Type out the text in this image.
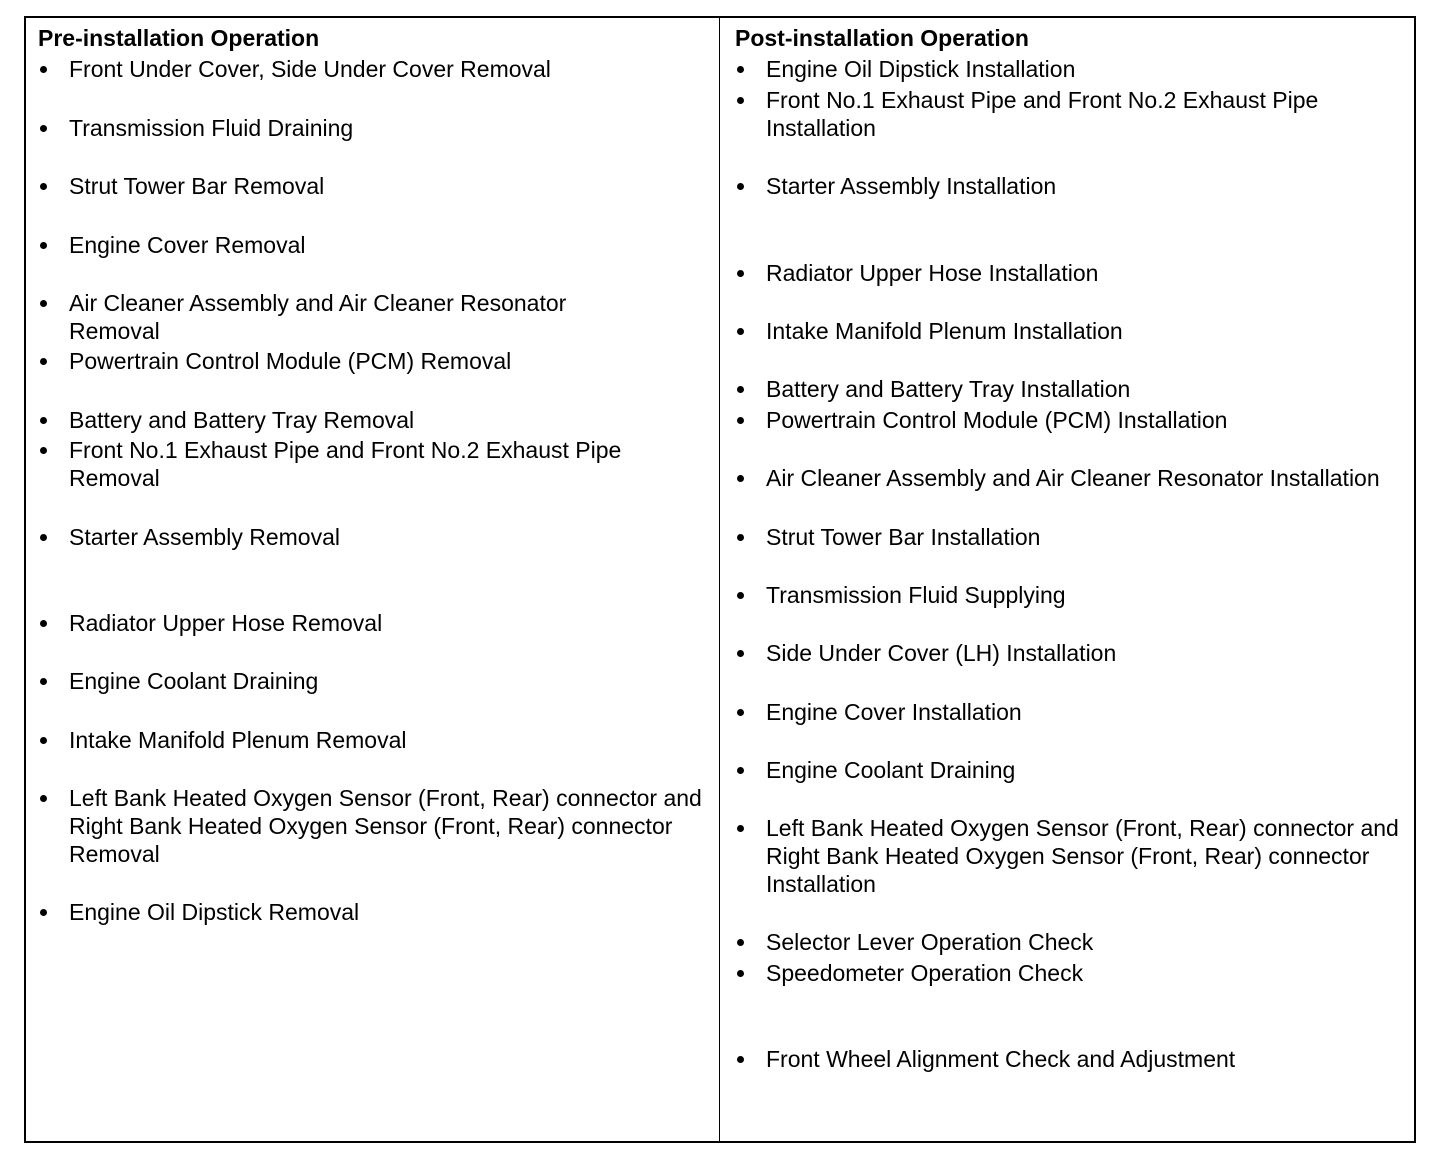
Pre-installation Operation
Front Under Cover, Side Under Cover Removal
Transmission Fluid Draining
Strut Tower Bar Removal
Engine Cover Removal
Air Cleaner Assembly and Air Cleaner Resonator Removal
Powertrain Control Module (PCM) Removal
Battery and Battery Tray Removal
Front No.1 Exhaust Pipe and Front No.2 Exhaust Pipe Removal
Starter Assembly Removal
Radiator Upper Hose Removal
Engine Coolant Draining
Intake Manifold Plenum Removal
Left Bank Heated Oxygen Sensor (Front, Rear) connector and Right Bank Heated Oxygen Sensor (Front, Rear) connector Removal
Engine Oil Dipstick Removal
Post-installation Operation
Engine Oil Dipstick Installation
Front No.1 Exhaust Pipe and Front No.2 Exhaust Pipe Installation
Starter Assembly Installation
Radiator Upper Hose Installation
Intake Manifold Plenum Installation
Battery and Battery Tray Installation
Powertrain Control Module (PCM) Installation
Air Cleaner Assembly and Air Cleaner Resonator Installation
Strut Tower Bar Installation
Transmission Fluid Supplying
Side Under Cover (LH) Installation
Engine Cover Installation
Engine Coolant Draining
Left Bank Heated Oxygen Sensor (Front, Rear) connector and Right Bank Heated Oxygen Sensor (Front, Rear) connector Installation
Selector Lever Operation Check
Speedometer Operation Check
Front Wheel Alignment Check and Adjustment
